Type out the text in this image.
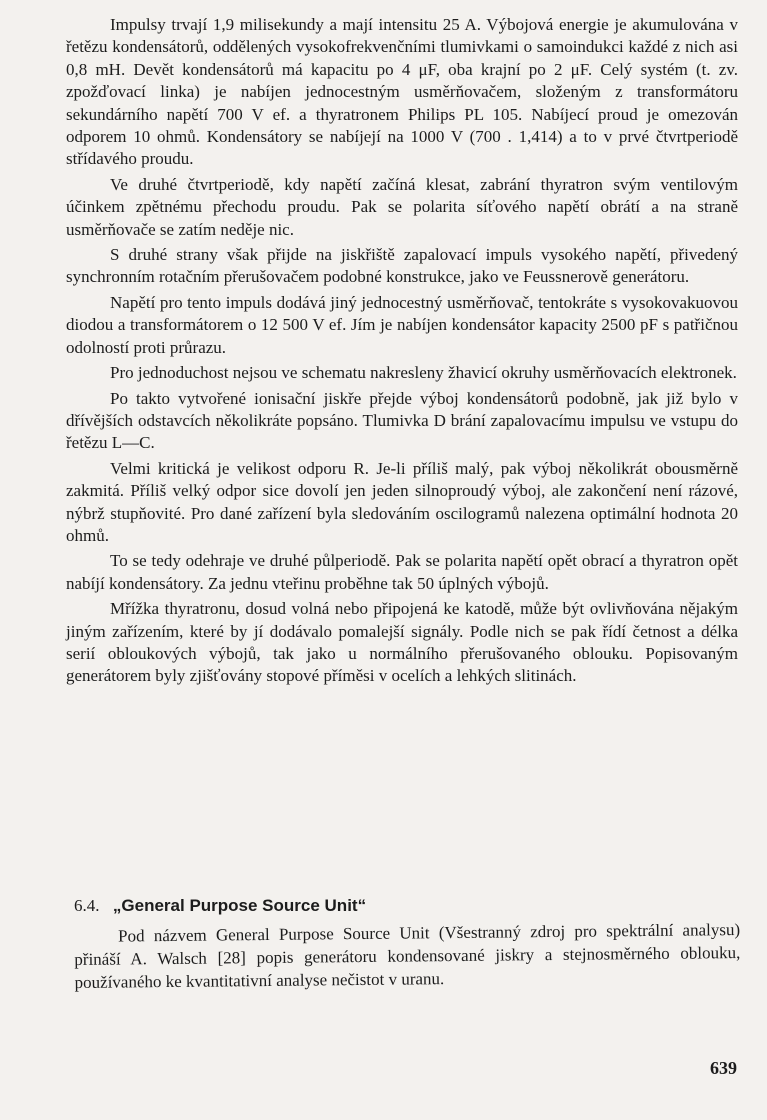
Impulsy trvají 1,9 milisekundy a mají intensitu 25 A. Výbojová energie je akumulována v řetězu kondensátorů, oddělených vysokofrekvenčními tlumivkami o samoindukci každé z nich asi 0,8 mH. Devět kondensátorů má kapacitu po 4 μF, oba krajní po 2 μF. Celý systém (t. zv. zpožďovací linka) je nabíjen jednocestným usměrňovačem, složeným z transformátoru sekundárního napětí 700 V ef. a thyratronem Philips PL 105. Nabíjecí proud je omezován odporem 10 ohmů. Kondensátory se nabíjejí na 1000 V (700 . 1,414) a to v prvé čtvrtperiodě střídavého proudu.

Ve druhé čtvrtperiodě, kdy napětí začíná klesat, zabrání thyratron svým ventilovým účinkem zpětnému přechodu proudu. Pak se polarita síťového napětí obrátí a na straně usměrňovače se zatím neděje nic.

S druhé strany však přijde na jiskřiště zapalovací impuls vysokého napětí, přivedený synchronním rotačním přerušovačem podobné konstrukce, jako ve Feussnerově generátoru.

Napětí pro tento impuls dodává jiný jednocestný usměrňovač, tentokráte s vysokovakuovou diodou a transformátorem o 12 500 V ef. Jím je nabíjen kondensátor kapacity 2500 pF s patřičnou odolností proti průrazu.

Pro jednoduchost nejsou ve schematu nakresleny žhavicí okruhy usměrňovacích elektronek.

Po takto vytvořené ionisační jiskře přejde výboj kondensátorů podobně, jak již bylo v dřívějších odstavcích několikráte popsáno. Tlumivka D brání zapalovacímu impulsu ve vstupu do řetězu L—C.

Velmi kritická je velikost odporu R. Je-li příliš malý, pak výboj několikrát obousměrně zakmitá. Příliš velký odpor sice dovolí jen jeden silnoproudý výboj, ale zakončení není rázové, nýbrž stupňovité. Pro dané zařízení byla sledováním oscilogramů nalezena optimální hodnota 20 ohmů.

To se tedy odehraje ve druhé půlperiodě. Pak se polarita napětí opět obrací a thyratron opět nabíjí kondensátory. Za jednu vteřinu proběhne tak 50 úplných výbojů.

Mřížka thyratronu, dosud volná nebo připojená ke katodě, může být ovlivňována nějakým jiným zařízením, které by jí dodávalo pomalejší signály. Podle nich se pak řídí četnost a délka serií obloukových výbojů, tak jako u normálního přerušovaného oblouku. Popisovaným generátorem byly zjišťovány stopové příměsi v ocelích a lehkých slitinách.

6.4. „General Purpose Source Unit“

Pod názvem General Purpose Source Unit (Všestranný zdroj pro spektrální analysu) přináší A. Walsch [28] popis generátoru kondensované jiskry a stejnosměrného oblouku, používaného ke kvantitativní analyse nečistot v uranu.

639
